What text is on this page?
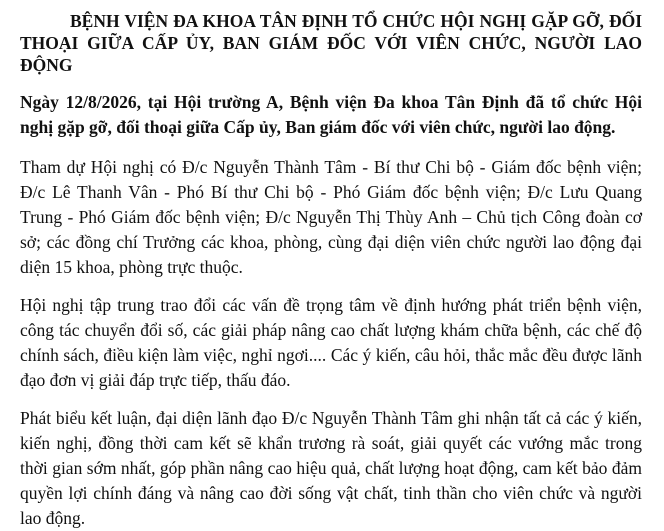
BỆNH VIỆN ĐA KHOA TÂN ĐỊNH TỔ CHỨC HỘI NGHỊ GẶP GỠ, ĐỐI THOẠI GIỮA CẤP ỦY, BAN GIÁM ĐỐC VỚI VIÊN CHỨC, NGƯỜI LAO ĐỘNG

Ngày 12/8/2026, tại Hội trường A, Bệnh viện Đa khoa Tân Định đã tổ chức Hội nghị gặp gỡ, đối thoại giữa Cấp ủy, Ban giám đốc với viên chức, người lao động.

Tham dự Hội nghị có Đ/c Nguyễn Thành Tâm - Bí thư Chi bộ - Giám đốc bệnh viện; Đ/c Lê Thanh Vân - Phó Bí thư Chi bộ - Phó Giám đốc bệnh viện; Đ/c Lưu Quang Trung - Phó Giám đốc bệnh viện; Đ/c Nguyễn Thị Thùy Anh – Chủ tịch Công đoàn cơ sở; các đồng chí Trưởng các khoa, phòng, cùng đại diện viên chức người lao động đại diện 15 khoa, phòng trực thuộc.

Hội nghị tập trung trao đổi các vấn đề trọng tâm về định hướng phát triển bệnh viện, công tác chuyển đổi số, các giải pháp nâng cao chất lượng khám chữa bệnh, các chế độ chính sách, điều kiện làm việc, nghỉ ngơi.... Các ý kiến, câu hỏi, thắc mắc đều được lãnh đạo đơn vị giải đáp trực tiếp, thấu đáo.

Phát biểu kết luận, đại diện lãnh đạo Đ/c Nguyễn Thành Tâm ghi nhận tất cả các ý kiến, kiến nghị, đồng thời cam kết sẽ khẩn trương rà soát, giải quyết các vướng mắc trong thời gian sớm nhất, góp phần nâng cao hiệu quả, chất lượng hoạt động, cam kết bảo đảm quyền lợi chính đáng và nâng cao đời sống vật chất, tinh thần cho viên chức và người lao động.
